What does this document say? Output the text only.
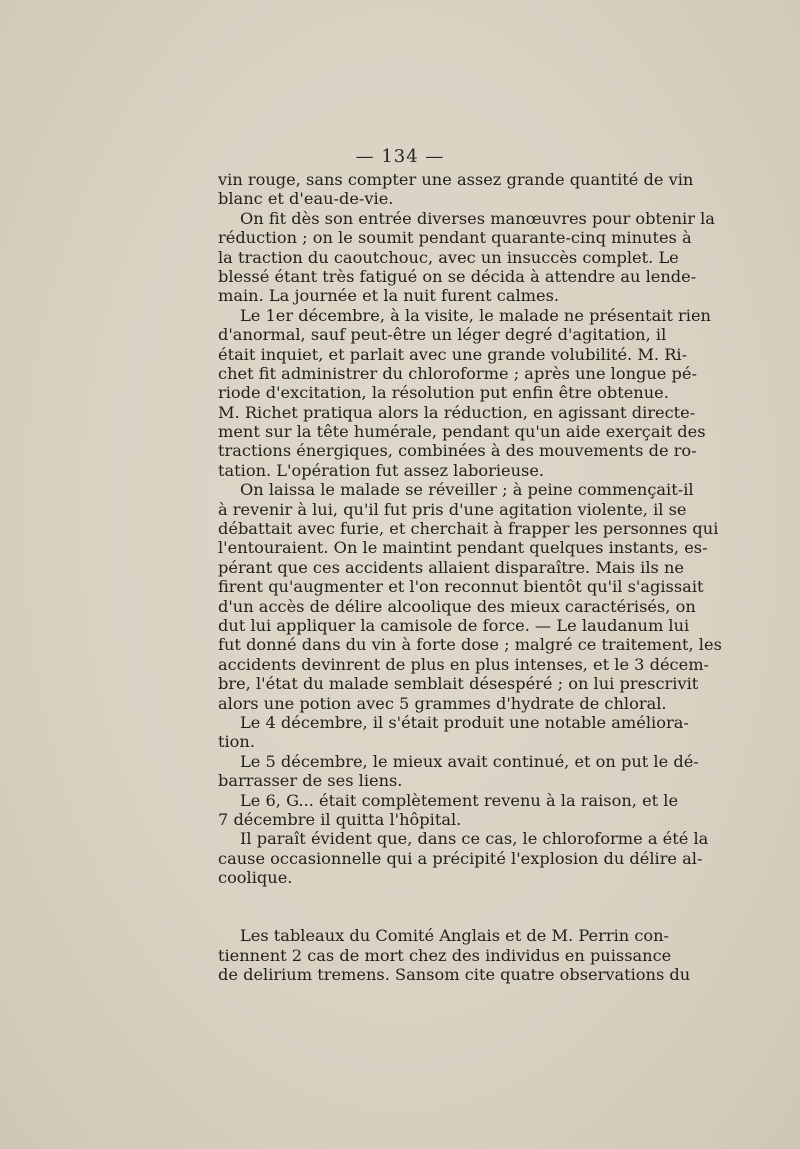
— 134 —
vin rouge, sans compter une assez grande quantité de vin
blanc et d'eau-de-vie.
On fit dès son entrée diverses manœuvres pour obtenir la
réduction ; on le soumit pendant quarante-cinq minutes à
la traction du caoutchouc, avec un insuccès complet. Le
blessé étant très fatigué on se décida à attendre au lende-
main. La journée et la nuit furent calmes.
Le 1er décembre, à la visite, le malade ne présentait rien
d'anormal, sauf peut-être un léger degré d'agitation, il
était inquiet, et parlait avec une grande volubilité. M. Ri-
chet fit administrer du chloroforme ; après une longue pé-
riode d'excitation, la résolution put enfin être obtenue.
M. Richet pratiqua alors la réduction, en agissant directe-
ment sur la tête humérale, pendant qu'un aide exerçait des
tractions énergiques, combinées à des mouvements de ro-
tation. L'opération fut assez laborieuse.
On laissa le malade se réveiller ; à peine commençait-il
à revenir à lui, qu'il fut pris d'une agitation violente, il se
débattait avec furie, et cherchait à frapper les personnes qui
l'entouraient. On le maintint pendant quelques instants, es-
pérant que ces accidents allaient disparaître. Mais ils ne
firent qu'augmenter et l'on reconnut bientôt qu'il s'agissait
d'un accès de délire alcoolique des mieux caractérisés, on
dut lui appliquer la camisole de force. — Le laudanum lui
fut donné dans du vin à forte dose ; malgré ce traitement, les
accidents devinrent de plus en plus intenses, et le 3 décem-
bre, l'état du malade semblait désespéré ; on lui prescrivit
alors une potion avec 5 grammes d'hydrate de chloral.
Le 4 décembre, il s'était produit une notable améliora-
tion.
Le 5 décembre, le mieux avait continué, et on put le dé-
barrasser de ses liens.
Le 6, G... était complètement revenu à la raison, et le
7 décembre il quitta l'hôpital.
Il paraît évident que, dans ce cas, le chloroforme a été la
cause occasionnelle qui a précipité l'explosion du délire al-
coolique.
Les tableaux du Comité Anglais et de M. Perrin con-
tiennent 2 cas de mort chez des individus en puissance
de delirium tremens. Sansom cite quatre observations du
